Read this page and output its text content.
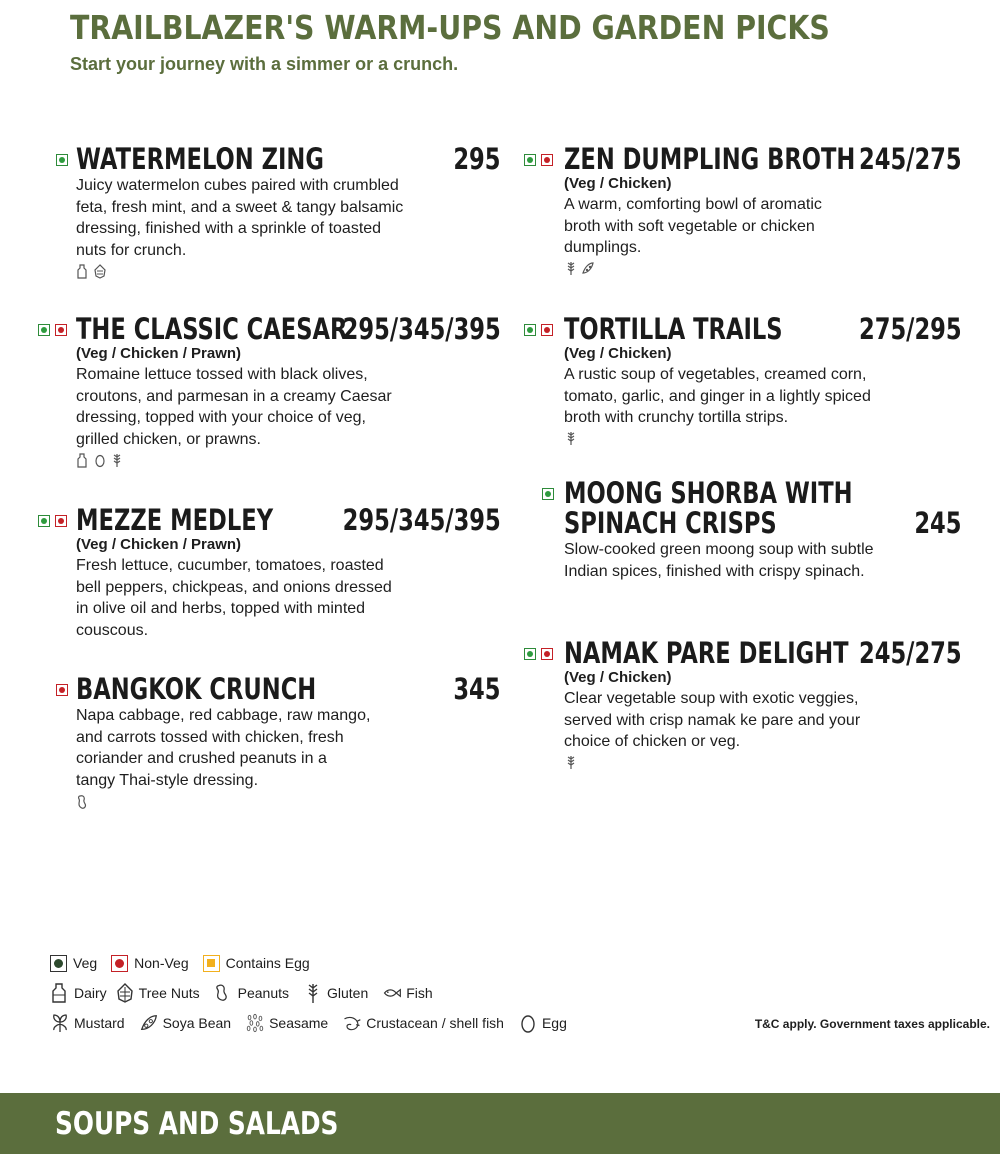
TRAILBLAZER'S WARM-UPS AND GARDEN PICKS

Start your journey with a simmer or a crunch.

WATERMELON ZING	295
Juicy watermelon cubes paired with crumbled
feta, fresh mint, and a sweet & tangy balsamic
dressing, finished with a sprinkle of toasted
nuts for crunch.
THE CLASSIC CAESAR
295/345/395
(Veg / Chicken / Prawn)
Romaine lettuce tossed with black olives,
croutons, and parmesan in a creamy Caesar
dressing, topped with your choice of veg,
grilled chicken, or prawns.
MEZZE MEDLEY	295/345/395
(Veg / Chicken / Prawn)
Fresh lettuce, cucumber, tomatoes, roasted
bell peppers, chickpeas, and onions dressed
in olive oil and herbs, topped with minted
couscous.
BANGKOK CRUNCH	345
Napa cabbage, red cabbage, raw mango,
and carrots tossed with chicken, fresh
coriander and crushed peanuts in a
tangy Thai-style dressing.
ZEN DUMPLING BROTH 245/275
(Veg / Chicken)
A warm, comforting bowl of aromatic
broth with soft vegetable or chicken
dumplings.
TORTILLA TRAILS	275/295
(Veg / Chicken)
A rustic soup of vegetables, creamed corn,
tomato, garlic, and ginger in a lightly spiced
broth with crunchy tortilla strips.
MOONG SHORBA WITH
SPINACH CRISPS	245
Slow-cooked green moong soup with subtle
Indian spices, finished with crispy spinach.
NAMAK PARE DELIGHT 245/275
(Veg / Chicken)
Clear vegetable soup with exotic veggies,
served with crisp namak ke pare and your
choice of chicken or veg.
Veg	Non-Veg	Contains Egg
Dairy Tree Nuts	Peanuts	Gluten	Fish
Mustard	Soya Bean	Seasame	Crustacean / shell fish	Egg	T&C apply. Government taxes applicable.
SOUPS AND SALADS
